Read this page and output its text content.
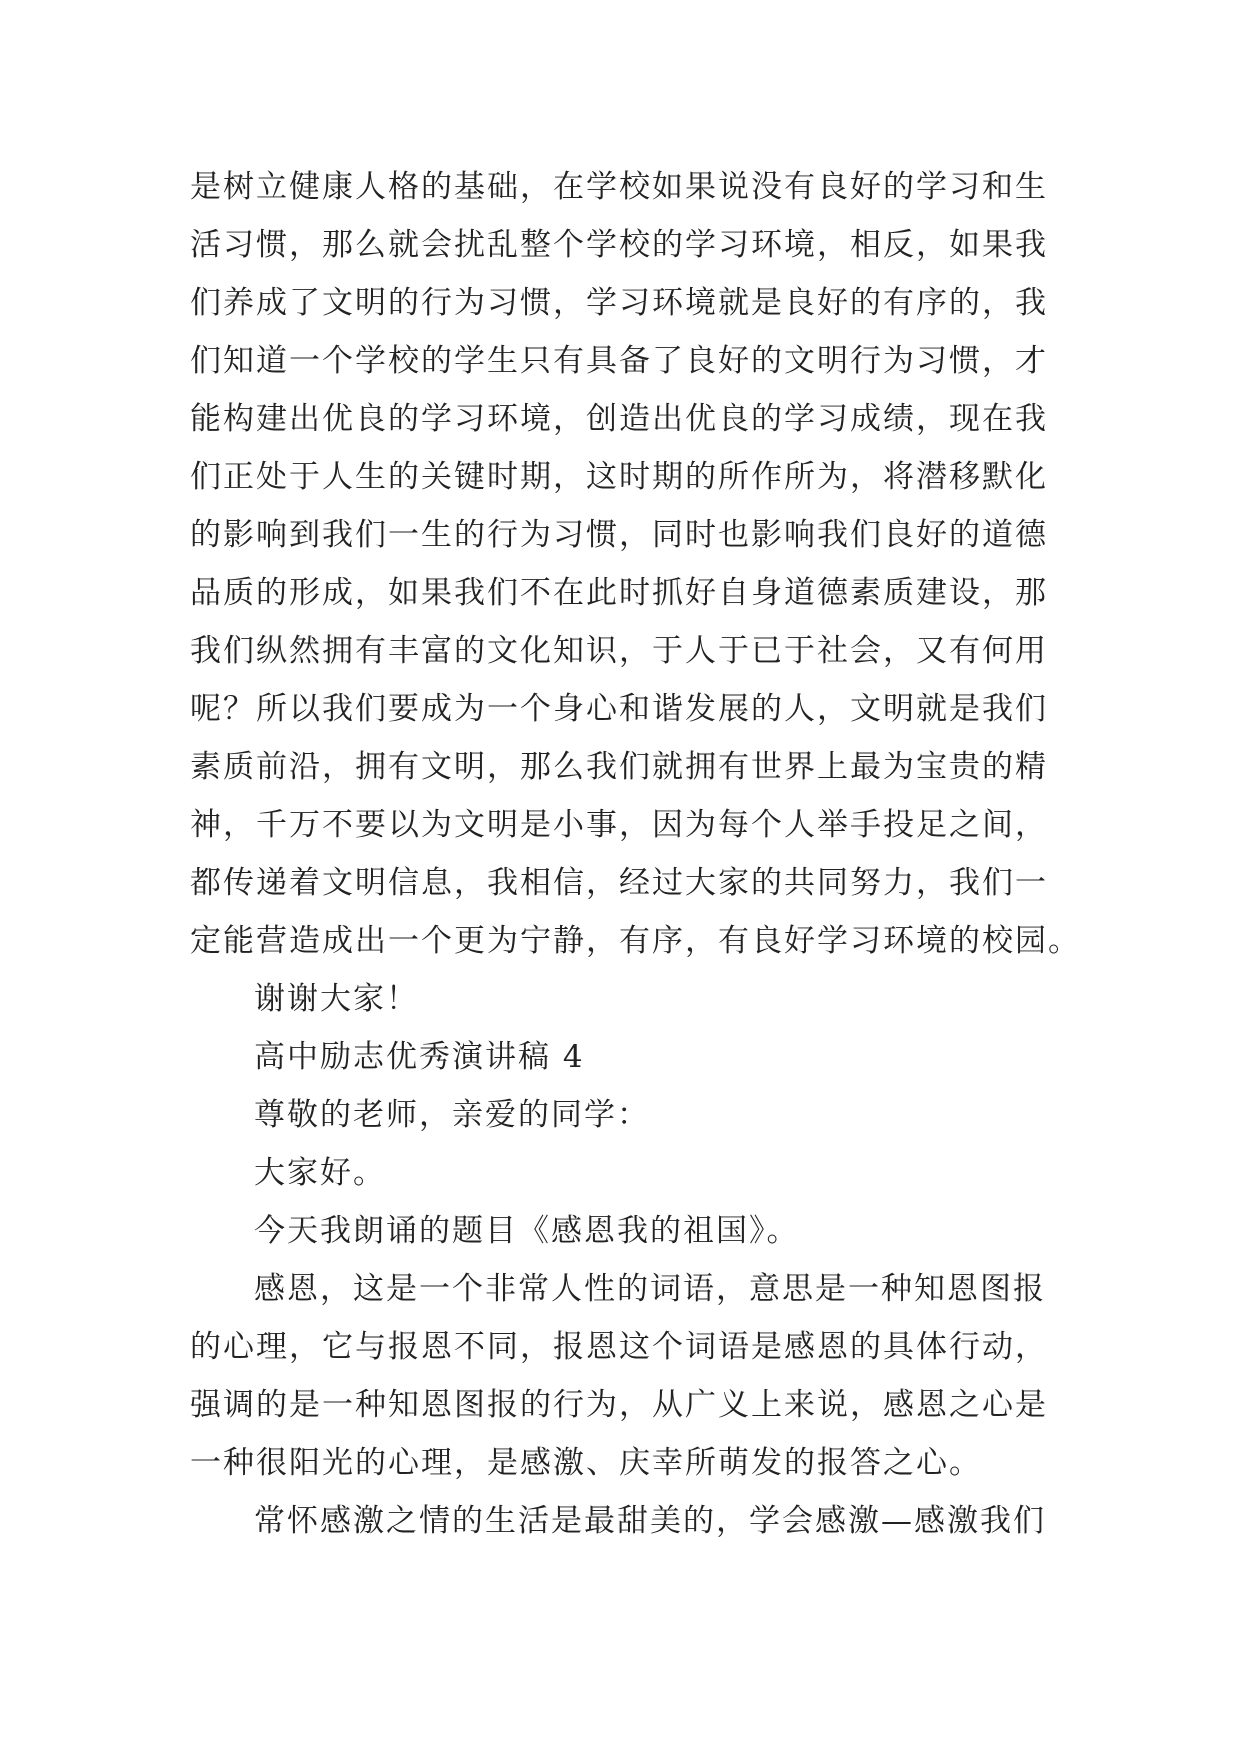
是树立健康人格的基础，在学校如果说没有良好的学习和生
活习惯，那么就会扰乱整个学校的学习环境，相反，如果我
们养成了文明的行为习惯，学习环境就是良好的有序的，我
们知道一个学校的学生只有具备了良好的文明行为习惯，才
能构建出优良的学习环境，创造出优良的学习成绩，现在我
们正处于人生的关键时期，这时期的所作所为，将潜移默化
的影响到我们一生的行为习惯，同时也影响我们良好的道德
品质的形成，如果我们不在此时抓好自身道德素质建设，那
我们纵然拥有丰富的文化知识，于人于已于社会，又有何用
呢？所以我们要成为一个身心和谐发展的人，文明就是我们
素质前沿，拥有文明，那么我们就拥有世界上最为宝贵的精
神，千万不要以为文明是小事，因为每个人举手投足之间，
都传递着文明信息，我相信，经过大家的共同努力，我们一
定能营造成出一个更为宁静，有序，有良好学习环境的校园。
谢谢大家！
高中励志优秀演讲稿 4
尊敬的老师，亲爱的同学：
大家好。
今天我朗诵的题目《感恩我的祖国》。
感恩，这是一个非常人性的词语，意思是一种知恩图报
的心理，它与报恩不同，报恩这个词语是感恩的具体行动，
强调的是一种知恩图报的行为，从广义上来说，感恩之心是
一种很阳光的心理，是感激、庆幸所萌发的报答之心。
常怀感激之情的生活是最甜美的，学会感激—感激我们
